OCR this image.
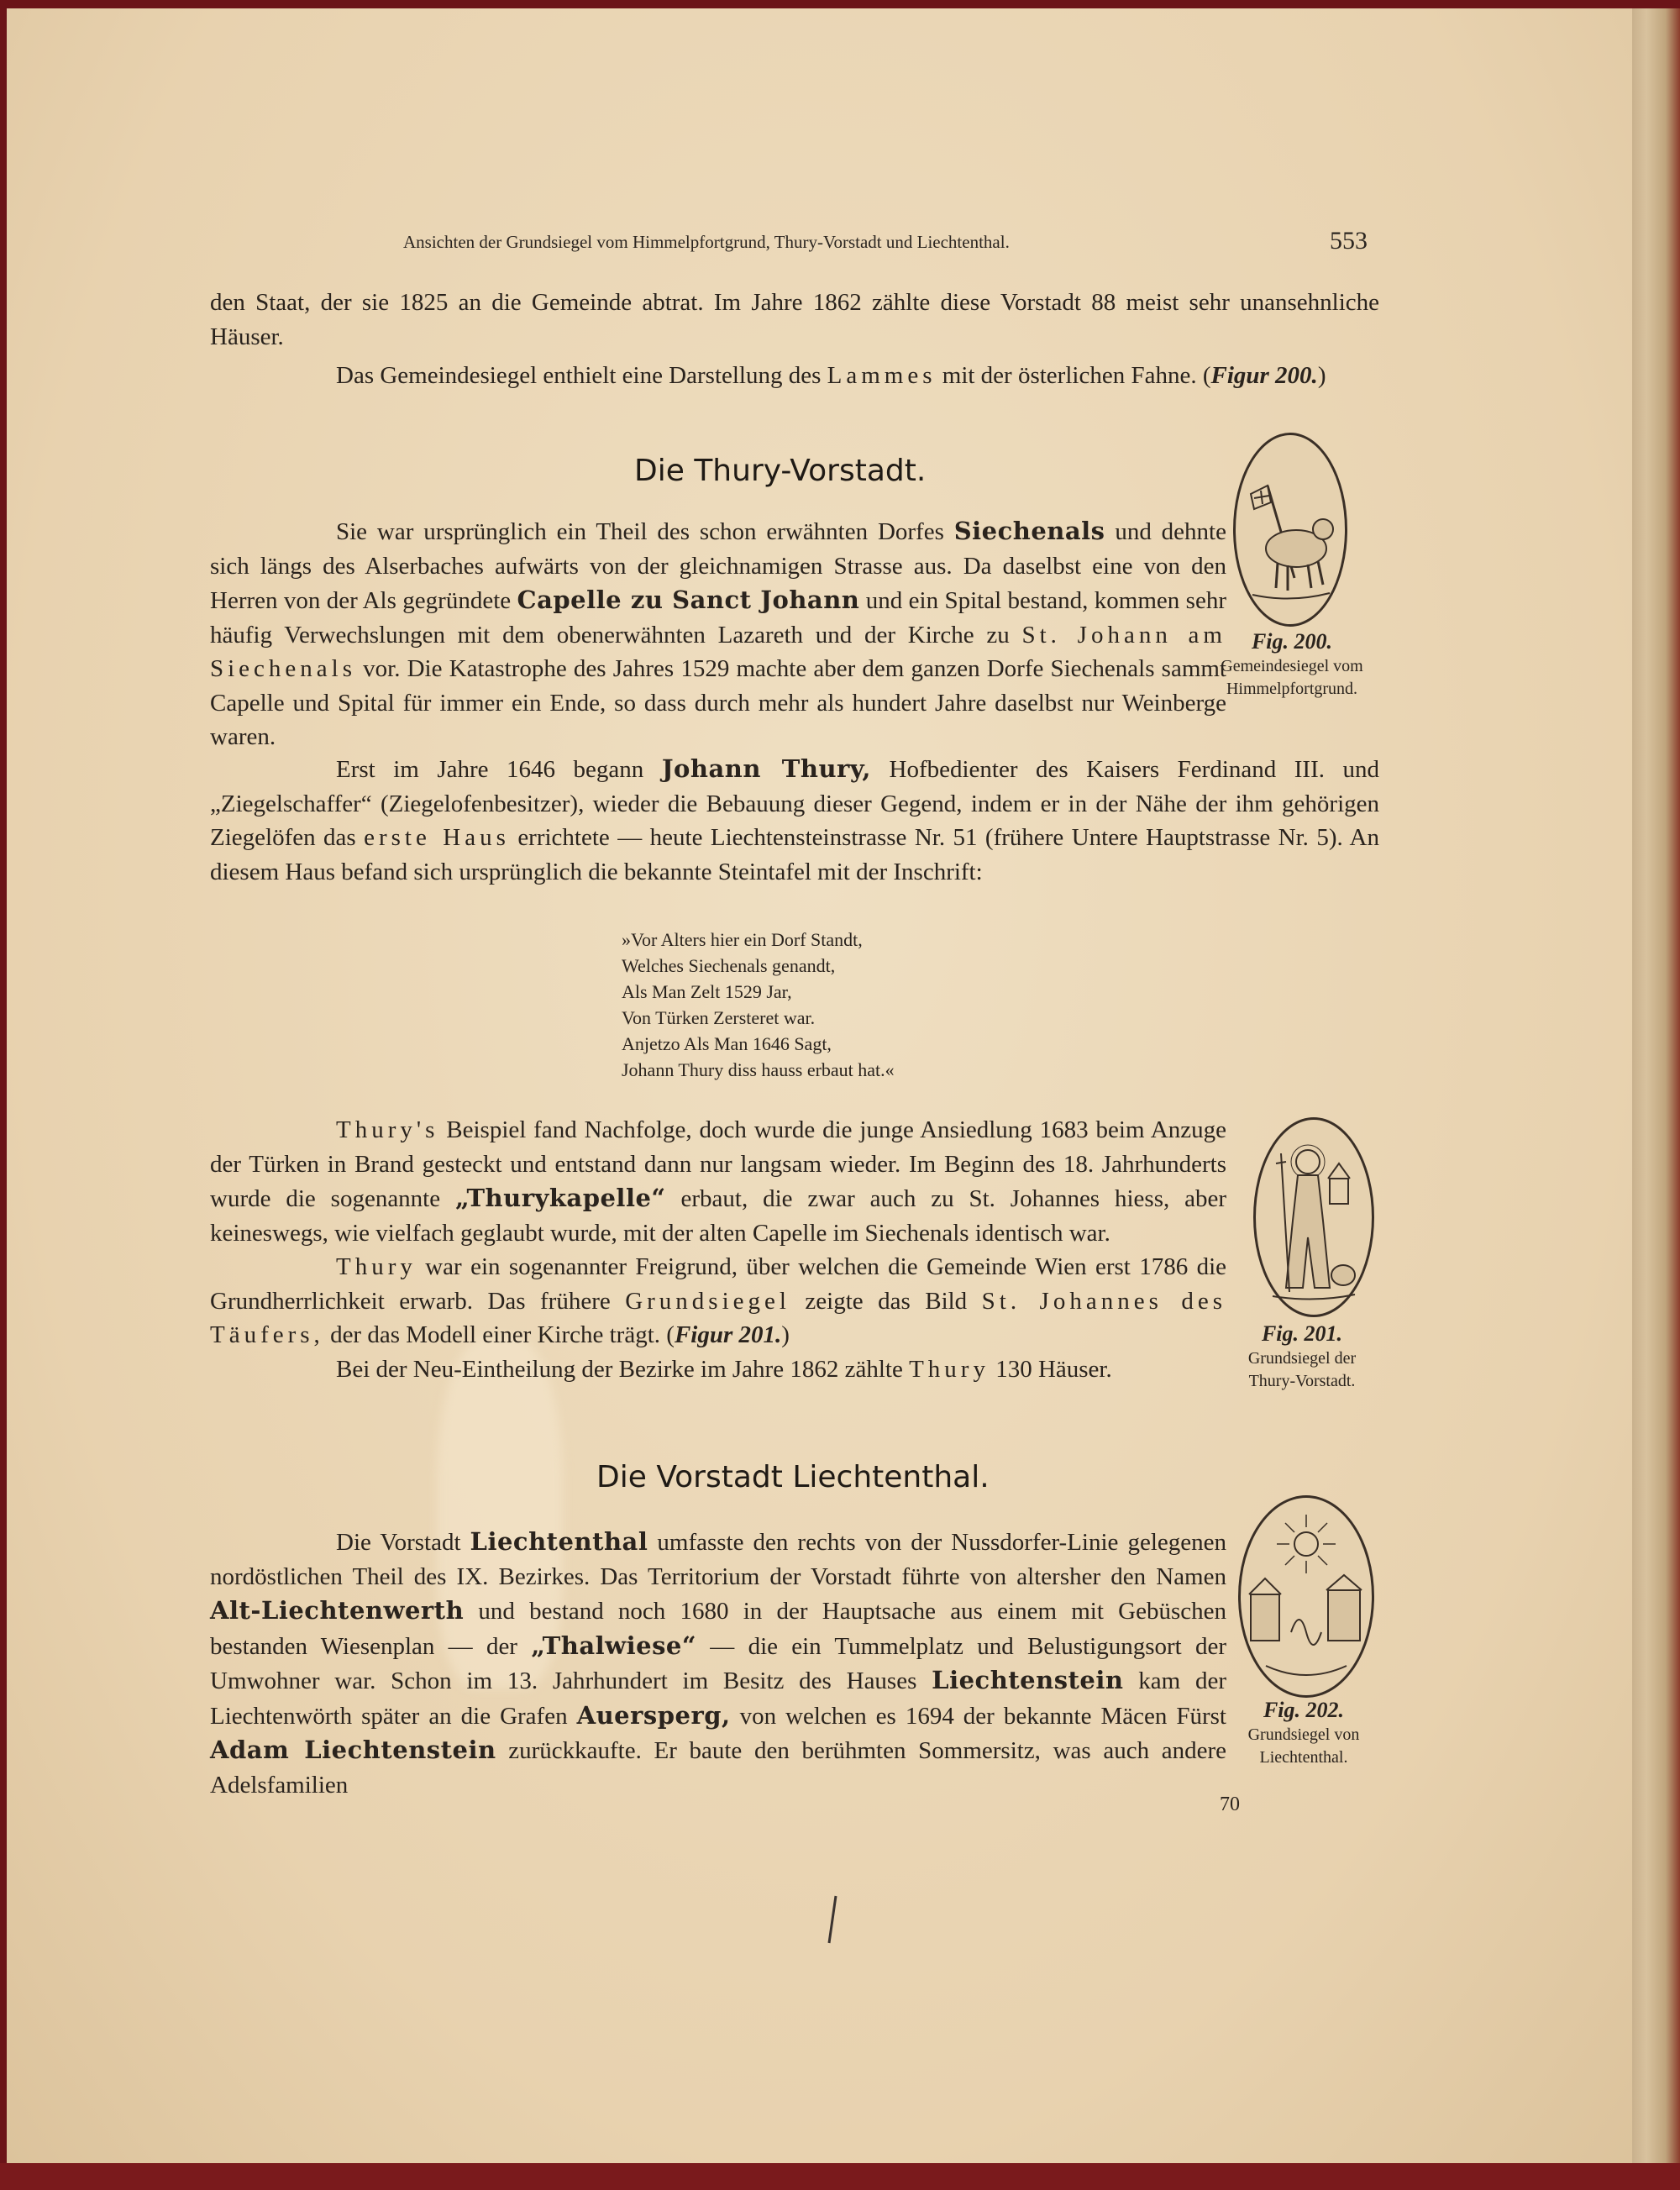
Ansichten der Grundsiegel vom Himmelpfortgrund, Thury-Vorstadt und Liechtenthal.	553

den Staat, der sie 1825 an die Gemeinde abtrat. Im Jahre 1862 zählte diese Vorstadt 88 meist sehr unansehnliche Häuser.

Das Gemeindesiegel enthielt eine Darstellung des Lammes mit der österlichen Fahne. (Figur 200.)

Die Thury-Vorstadt.

Sie war ursprünglich ein Theil des schon erwähnten Dorfes Siechenals und dehnte sich längs des Alserbaches aufwärts von der gleichnamigen Strasse aus. Da daselbst eine von den Herren von der Als gegründete Capelle zu Sanct Johann und ein Spital bestand, kommen sehr häufig Verwechslungen mit dem obenerwähnten Lazareth und der Kirche zu St. Johann am Siechenals vor. Die Katastrophe des Jahres 1529 machte aber dem ganzen Dorfe Siechenals sammt Capelle und Spital für immer ein Ende, so dass durch mehr als hundert Jahre daselbst nur Weinberge waren.

Erst im Jahre 1646 begann Johann Thury, Hofbedienter des Kaisers Ferdinand III. und „Ziegelschaffer“ (Ziegelofenbesitzer), wieder die Bebauung dieser Gegend, indem er in der Nähe der ihm gehörigen Ziegelöfen das erste Haus errichtete — heute Liechtensteinstrasse Nr. 51 (frühere Untere Hauptstrasse Nr. 5). An diesem Haus befand sich ursprünglich die bekannte Steintafel mit der Inschrift:

»Vor Alters hier ein Dorf Standt,
Welches Siechenals genandt,
Als Man Zelt 1529 Jar,
Von Türken Zersteret war.
Anjetzo Als Man 1646 Sagt,
Johann Thury diss hauss erbaut hat.«

Thury's Beispiel fand Nachfolge, doch wurde die junge Ansiedlung 1683 beim Anzuge der Türken in Brand gesteckt und entstand dann nur langsam wieder. Im Beginn des 18. Jahrhunderts wurde die sogenannte „Thurykapelle“ erbaut, die zwar auch zu St. Johannes hiess, aber keineswegs, wie vielfach geglaubt wurde, mit der alten Capelle im Siechenals identisch war.

Thury war ein sogenannter Freigrund, über welchen die Gemeinde Wien erst 1786 die Grundherrlichkeit erwarb. Das frühere Grundsiegel zeigte das Bild St. Johannes des Täufers, der das Modell einer Kirche trägt. (Figur 201.)

Bei der Neu-Eintheilung der Bezirke im Jahre 1862 zählte Thury 130 Häuser.

Die Vorstadt Liechtenthal.

Die Vorstadt Liechtenthal umfasste den rechts von der Nussdorfer-Linie gelegenen nordöstlichen Theil des IX. Bezirkes. Das Territorium der Vorstadt führte von altersher den Namen Alt-Liechtenwerth und bestand noch 1680 in der Hauptsache aus einem mit Gebüschen bestanden Wiesenplan — der „Thalwiese“ — die ein Tummelplatz und Belustigungsort der Umwohner war. Schon im 13. Jahrhundert im Besitz des Hauses Liechtenstein kam der Liechtenwörth später an die Grafen Auersperg, von welchen es 1694 der bekannte Mäcen Fürst Adam Liechtenstein zurückkaufte. Er baute den berühmten Sommersitz, was auch andere Adelsfamilien

Fig. 200.
Gemeindesiegel vom Himmelpfortgrund.
Fig. 201.
Grundsiegel der Thury-Vorstadt.
Fig. 202.
Grundsiegel von Liechtenthal.
70
